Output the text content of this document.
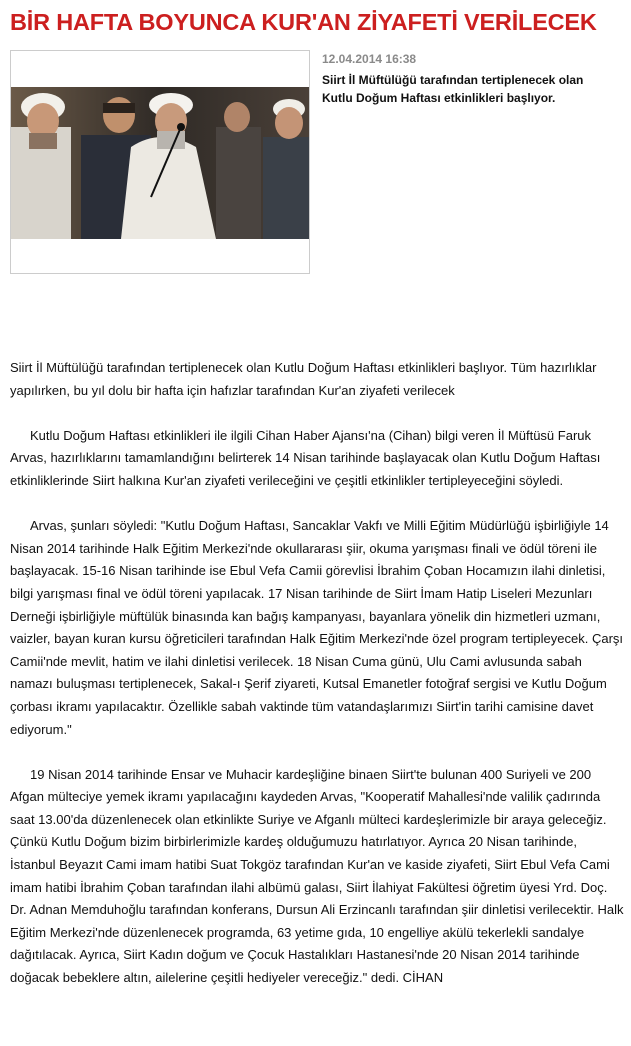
BİR HAFTA BOYUNCA KUR'AN ZİYAFETİ VERİLECEK
12.04.2014 16:38

Siirt İl Müftülüğü tarafından tertiplenecek olan Kutlu Doğum Haftası etkinlikleri başlıyor.

Siirt İl Müftülüğü tarafından tertiplenecek olan Kutlu Doğum Haftası etkinlikleri başlıyor. Tüm hazırlıklar yapılırken, bu yıl dolu bir hafta için hafızlar tarafından Kur'an ziyafeti verilecek

Kutlu Doğum Haftası etkinlikleri ile ilgili Cihan Haber Ajansı'na (Cihan) bilgi veren İl Müftüsü Faruk Arvas, hazırlıklarını tamamlandığını belirterek 14 Nisan tarihinde başlayacak olan Kutlu Doğum Haftası etkinliklerinde Siirt halkına Kur'an ziyafeti verileceğini ve çeşitli etkinlikler tertipleyeceğini söyledi.

Arvas, şunları söyledi: "Kutlu Doğum Haftası, Sancaklar Vakfı ve Milli Eğitim Müdürlüğü işbirliğiyle 14 Nisan 2014 tarihinde Halk Eğitim Merkezi'nde okullararası şiir, okuma yarışması finali ve ödül töreni ile başlayacak. 15-16 Nisan tarihinde ise Ebul Vefa Camii görevlisi İbrahim Çoban Hocamızın ilahi dinletisi, bilgi yarışması final ve ödül töreni yapılacak. 17 Nisan tarihinde de Siirt İmam Hatip Liseleri Mezunları Derneği işbirliğiyle müftülük binasında kan bağış kampanyası, bayanlara yönelik din hizmetleri uzmanı, vaizler, bayan kuran kursu öğreticileri tarafından Halk Eğitim Merkezi'nde özel program tertipleyecek. Çarşı Camii'nde mevlit, hatim ve ilahi dinletisi verilecek. 18 Nisan Cuma günü, Ulu Cami avlusunda sabah namazı buluşması tertiplenecek, Sakal-ı Şerif ziyareti, Kutsal Emanetler fotoğraf sergisi ve Kutlu Doğum çorbası ikramı yapılacaktır. Özellikle sabah vaktinde tüm vatandaşlarımızı Siirt'in tarihi camisine davet ediyorum."

19 Nisan 2014 tarihinde Ensar ve Muhacir kardeşliğine binaen Siirt'te bulunan 400 Suriyeli ve 200 Afgan mülteciye yemek ikramı yapılacağını kaydeden Arvas, "Kooperatif Mahallesi'nde valilik çadırında saat 13.00'da düzenlenecek olan etkinlikte Suriye ve Afganlı mülteci kardeşlerimizle bir araya geleceğiz. Çünkü Kutlu Doğum bizim birbirlerimizle kardeş olduğumuzu hatırlatıyor. Ayrıca 20 Nisan tarihinde, İstanbul Beyazıt Cami imam hatibi Suat Tokgöz tarafından Kur'an ve kaside ziyafeti, Siirt Ebul Vefa Cami imam hatibi İbrahim Çoban tarafından ilahi albümü galası, Siirt İlahiyat Fakültesi öğretim üyesi Yrd. Doç. Dr. Adnan Memduhoğlu tarafından konferans, Dursun Ali Erzincanlı tarafından şiir dinletisi verilecektir. Halk Eğitim Merkezi'nde düzenlenecek programda, 63 yetime gıda, 10 engelliye akülü tekerlekli sandalye dağıtılacak. Ayrıca, Siirt Kadın doğum ve Çocuk Hastalıkları Hastanesi'nde 20 Nisan 2014 tarihinde doğacak bebeklere altın, ailelerine çeşitli hediyeler vereceğiz." dedi. CİHAN
